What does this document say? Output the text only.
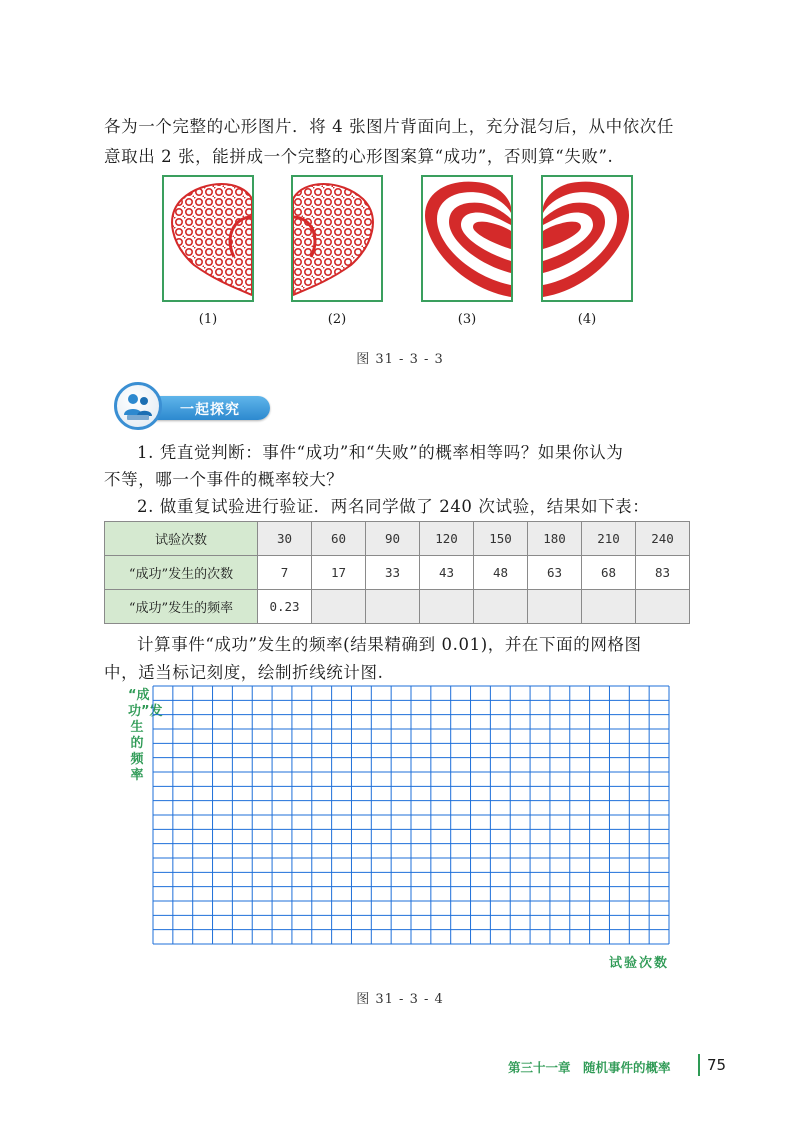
各为一个完整的心形图片．将 4 张图片背面向上，充分混匀后，从中依次任

意取出 2 张，能拼成一个完整的心形图案算“成功”，否则算“失败”.

(1)	(2)	(3)	(4)
图 31 - 3 - 3
一起探究

1. 凭直觉判断：事件“成功”和“失败”的概率相等吗？如果你认为

不等，哪一个事件的概率较大？

2. 做重复试验进行验证．两名同学做了 240 次试验，结果如下表：

试验次数	30	60	90	120	150	180	210	240
“成功”发生的次数	7	17	33	43	48	63	68	83
“成功”发生的频率	0.23							

计算事件“成功”发生的频率(结果精确到 0.01)，并在下面的网格图

中，适当标记刻度，绘制折线统计图.

“成功”发生的频率
试验次数
图 31 - 3 - 4
第三十一章　随机事件的概率 75
